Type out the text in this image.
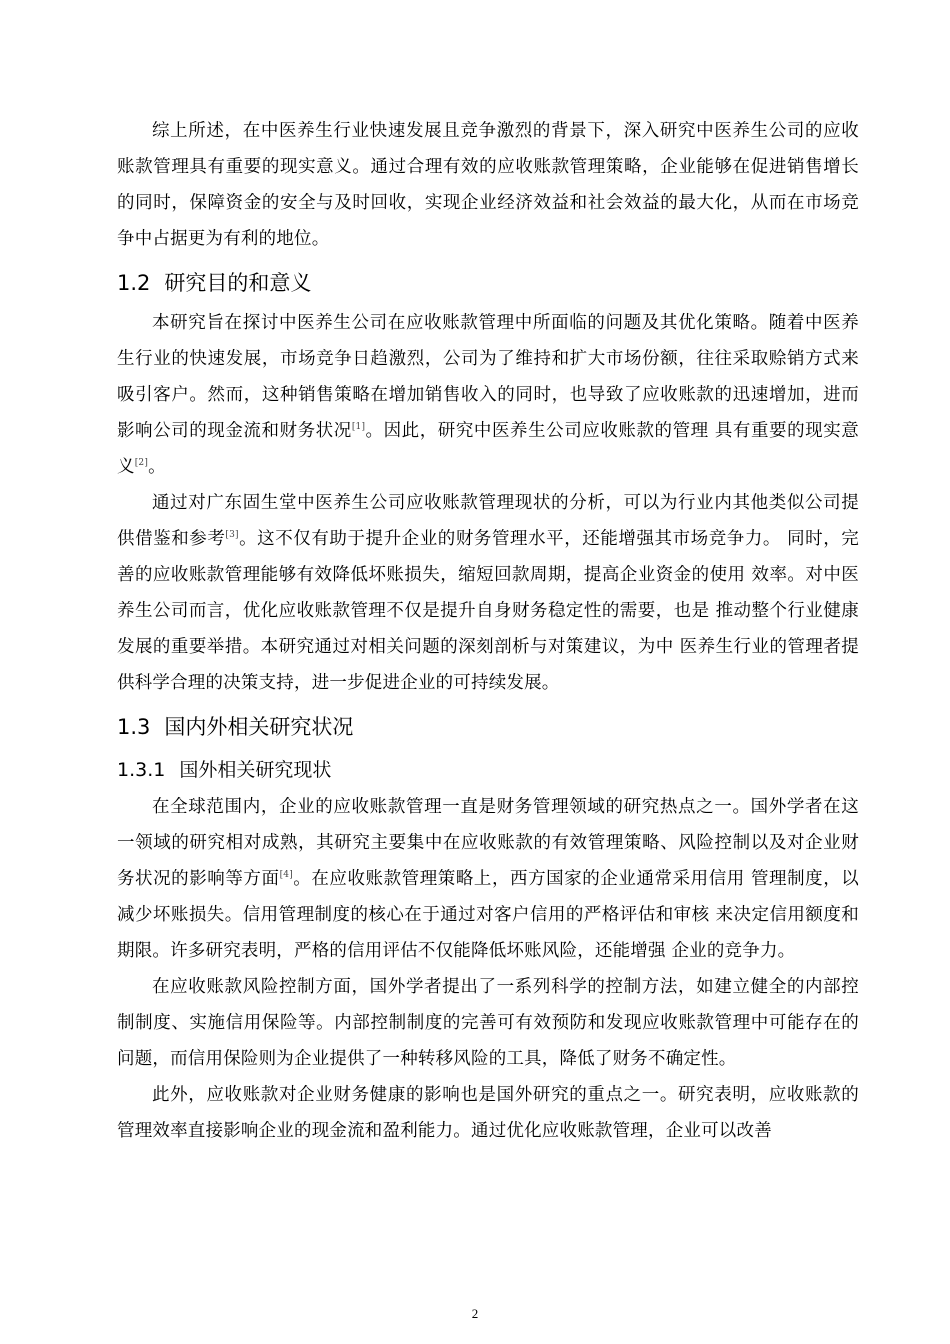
综上所述，在中医养生行业快速发展且竞争激烈的背景下，深入研究中医养生公司的应收账款管理具有重要的现实意义。通过合理有效的应收账款管理策略，企业能够在促进销售增长的同时，保障资金的安全与及时回收，实现企业经济效益和社会效益的最大化，从而在市场竞争中占据更为有利的地位。

1.2 研究目的和意义

本研究旨在探讨中医养生公司在应收账款管理中所面临的问题及其优化策略。随着中医养生行业的快速发展，市场竞争日趋激烈，公司为了维持和扩大市场份额，往往采取赊销方式来吸引客户。然而，这种销售策略在增加销售收入的同时，也导致了应收账款的迅速增加，进而影响公司的现金流和财务状况[1]。因此，研究中医养生公司应收账款的管理 具有重要的现实意义[2]。

通过对广东固生堂中医养生公司应收账款管理现状的分析，可以为行业内其他类似公司提供借鉴和参考[3]。这不仅有助于提升企业的财务管理水平，还能增强其市场竞争力。 同时，完善的应收账款管理能够有效降低坏账损失，缩短回款周期，提高企业资金的使用 效率。对中医养生公司而言，优化应收账款管理不仅是提升自身财务稳定性的需要，也是 推动整个行业健康发展的重要举措。本研究通过对相关问题的深刻剖析与对策建议，为中 医养生行业的管理者提供科学合理的决策支持，进一步促进企业的可持续发展。

1.3 国内外相关研究状况
1.3.1 国外相关研究现状

在全球范围内，企业的应收账款管理一直是财务管理领域的研究热点之一。国外学者在这一领域的研究相对成熟，其研究主要集中在应收账款的有效管理策略、风险控制以及对企业财务状况的影响等方面[4]。在应收账款管理策略上，西方国家的企业通常采用信用 管理制度，以减少坏账损失。信用管理制度的核心在于通过对客户信用的严格评估和审核 来决定信用额度和期限。许多研究表明，严格的信用评估不仅能降低坏账风险，还能增强 企业的竞争力。

在应收账款风险控制方面，国外学者提出了一系列科学的控制方法，如建立健全的内部控制制度、实施信用保险等。内部控制制度的完善可有效预防和发现应收账款管理中可能存在的问题，而信用保险则为企业提供了一种转移风险的工具，降低了财务不确定性。

此外，应收账款对企业财务健康的影响也是国外研究的重点之一。研究表明，应收账款的管理效率直接影响企业的现金流和盈利能力。通过优化应收账款管理，企业可以改善

2
